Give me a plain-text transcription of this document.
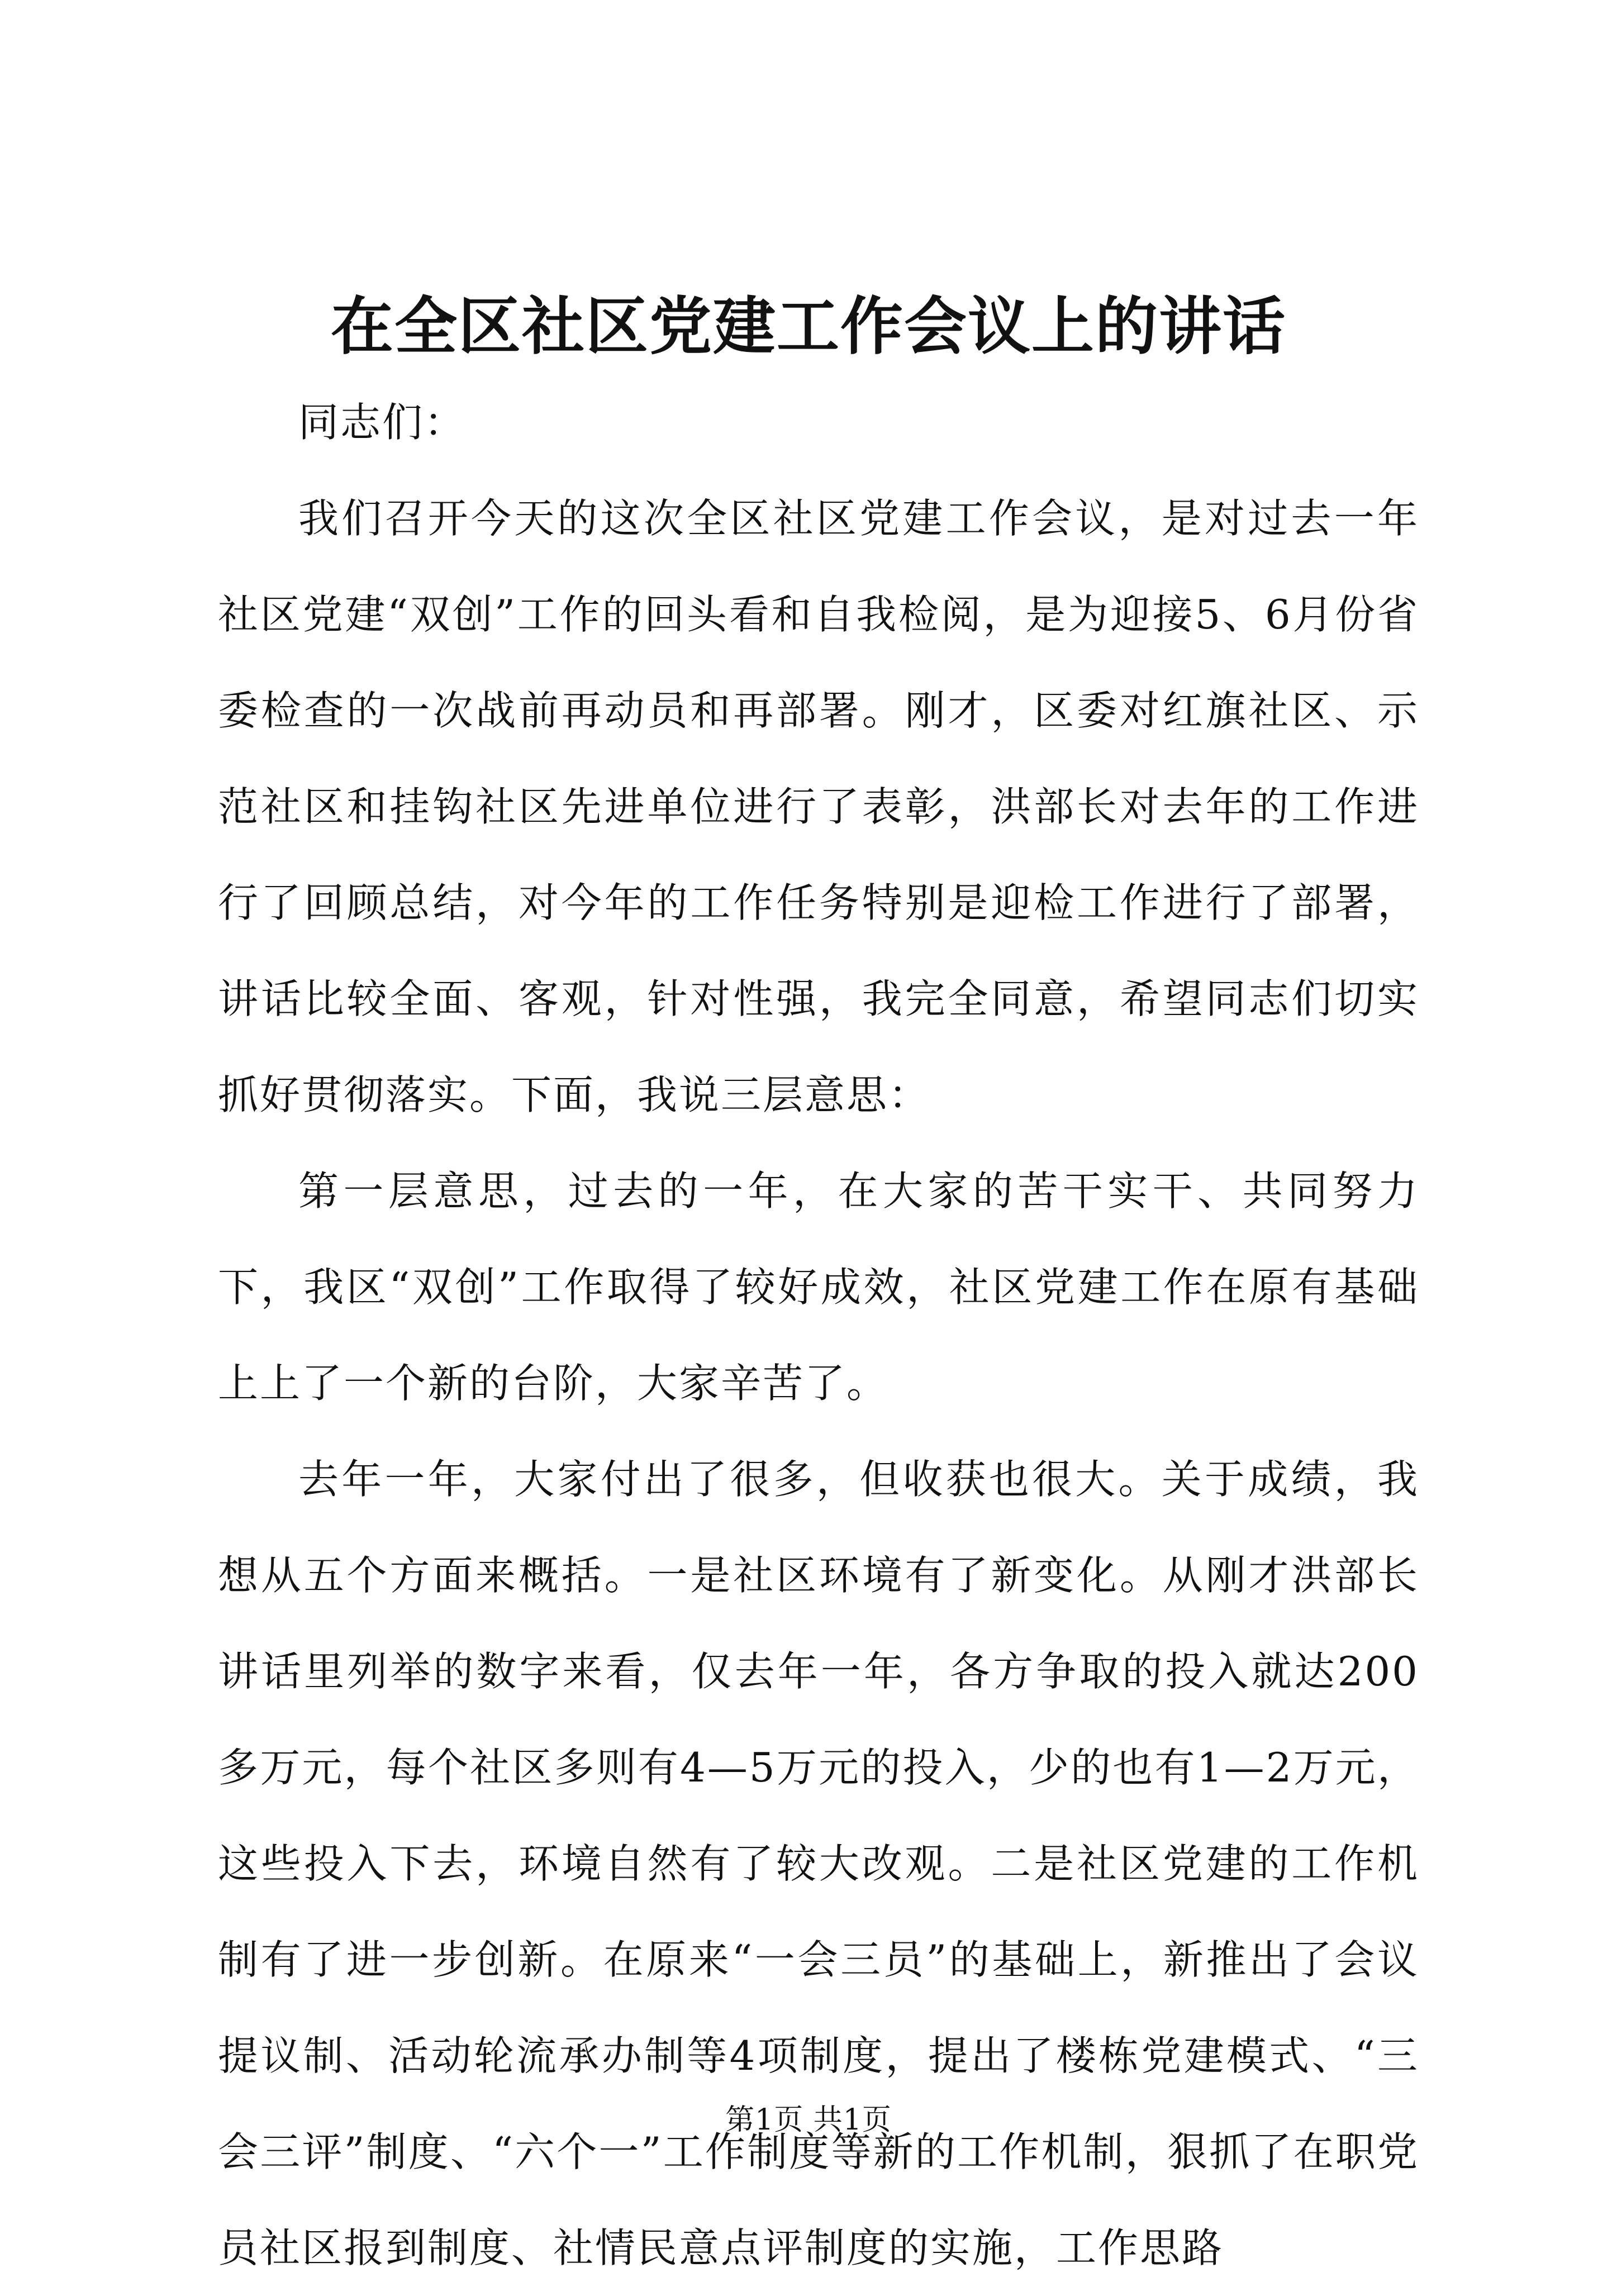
在全区社区党建工作会议上的讲话

同志们：

我们召开今天的这次全区社区党建工作会议，是对过去一年社区党建“双创”工作的回头看和自我检阅，是为迎接5、6月份省委检查的一次战前再动员和再部署。刚才，区委对红旗社区、示范社区和挂钩社区先进单位进行了表彰，洪部长对去年的工作进行了回顾总结，对今年的工作任务特别是迎检工作进行了部署，讲话比较全面、客观，针对性强，我完全同意，希望同志们切实抓好贯彻落实。下面，我说三层意思：

第一层意思，过去的一年，在大家的苦干实干、共同努力下，我区“双创”工作取得了较好成效，社区党建工作在原有基础上上了一个新的台阶，大家辛苦了。

去年一年，大家付出了很多，但收获也很大。关于成绩，我想从五个方面来概括。一是社区环境有了新变化。从刚才洪部长讲话里列举的数字来看，仅去年一年，各方争取的投入就达200多万元，每个社区多则有4—5万元的投入，少的也有1—2万元，这些投入下去，环境自然有了较大改观。二是社区党建的工作机制有了进一步创新。在原来“一会三员”的基础上，新推出了会议提议制、活动轮流承办制等4项制度，提出了楼栋党建模式、“三会三评”制度、“六个一”工作制度等新的工作机制，狠抓了在职党员社区报到制度、社情民意点评制度的实施，工作思路

第1页 共1页
